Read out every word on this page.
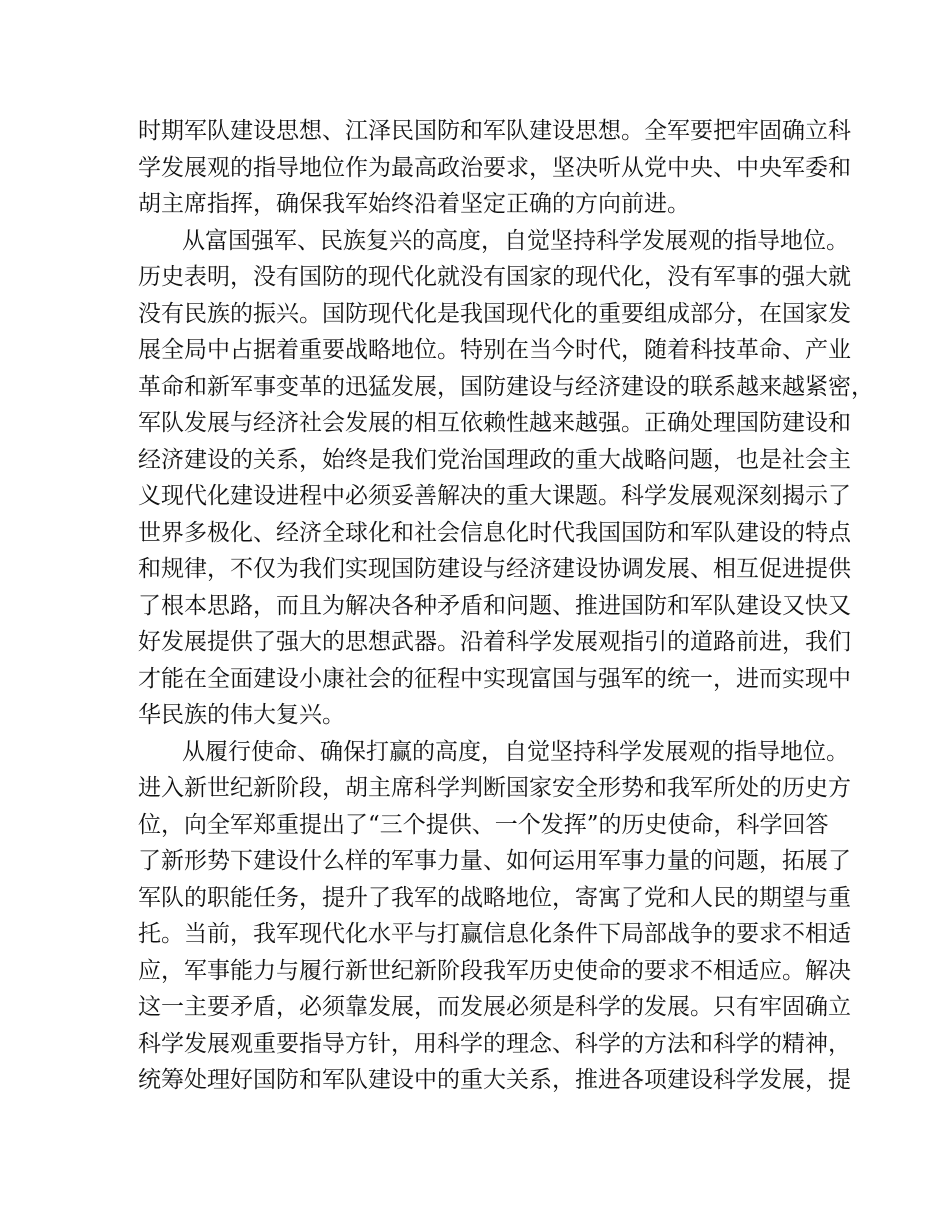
时期军队建设思想、江泽民国防和军队建设思想。全军要把牢固确立科
学发展观的指导地位作为最高政治要求，坚决听从党中央、中央军委和
胡主席指挥，确保我军始终沿着坚定正确的方向前进。
从富国强军、民族复兴的高度，自觉坚持科学发展观的指导地位。
历史表明，没有国防的现代化就没有国家的现代化，没有军事的强大就
没有民族的振兴。国防现代化是我国现代化的重要组成部分，在国家发
展全局中占据着重要战略地位。特别在当今时代，随着科技革命、产业
革命和新军事变革的迅猛发展，国防建设与经济建设的联系越来越紧密，
军队发展与经济社会发展的相互依赖性越来越强。正确处理国防建设和
经济建设的关系，始终是我们党治国理政的重大战略问题，也是社会主
义现代化建设进程中必须妥善解决的重大课题。科学发展观深刻揭示了
世界多极化、经济全球化和社会信息化时代我国国防和军队建设的特点
和规律，不仅为我们实现国防建设与经济建设协调发展、相互促进提供
了根本思路，而且为解决各种矛盾和问题、推进国防和军队建设又快又
好发展提供了强大的思想武器。沿着科学发展观指引的道路前进，我们
才能在全面建设小康社会的征程中实现富国与强军的统一，进而实现中
华民族的伟大复兴。
从履行使命、确保打赢的高度，自觉坚持科学发展观的指导地位。
进入新世纪新阶段，胡主席科学判断国家安全形势和我军所处的历史方
位，向全军郑重提出了“三个提供、一个发挥”的历史使命，科学回答
了新形势下建设什么样的军事力量、如何运用军事力量的问题，拓展了
军队的职能任务，提升了我军的战略地位，寄寓了党和人民的期望与重
托。当前，我军现代化水平与打赢信息化条件下局部战争的要求不相适
应，军事能力与履行新世纪新阶段我军历史使命的要求不相适应。解决
这一主要矛盾，必须靠发展，而发展必须是科学的发展。只有牢固确立
科学发展观重要指导方针，用科学的理念、科学的方法和科学的精神，
统筹处理好国防和军队建设中的重大关系，推进各项建设科学发展，提
